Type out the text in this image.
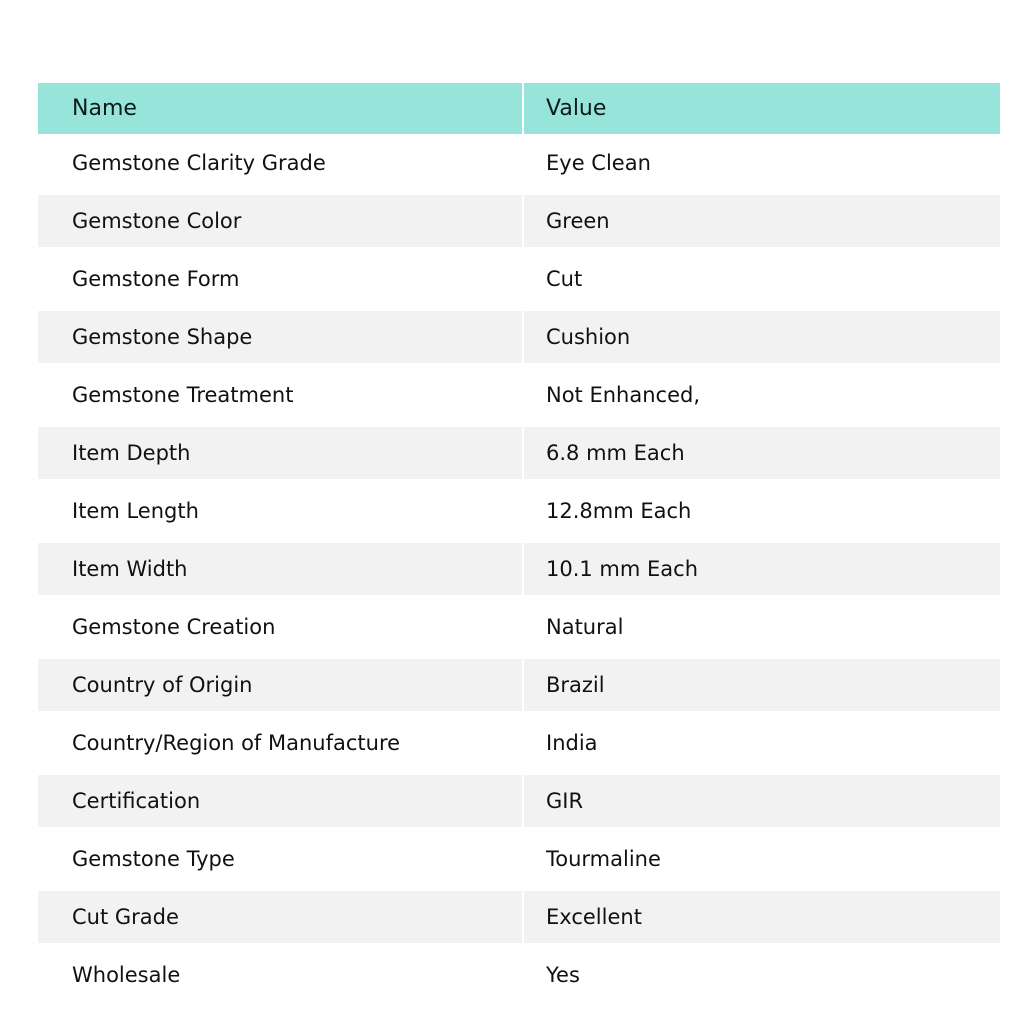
Name	Value
Gemstone Clarity Grade	Eye Clean
Gemstone Color	Green
Gemstone Form	Cut
Gemstone Shape	Cushion
Gemstone Treatment	Not Enhanced,
Item Depth	6.8 mm Each
Item Length	12.8mm Each
Item Width	10.1 mm Each
Gemstone Creation	Natural
Country of Origin	Brazil
Country/Region of Manufacture	India
Certification	GIR
Gemstone Type	Tourmaline
Cut Grade	Excellent
Wholesale	Yes
